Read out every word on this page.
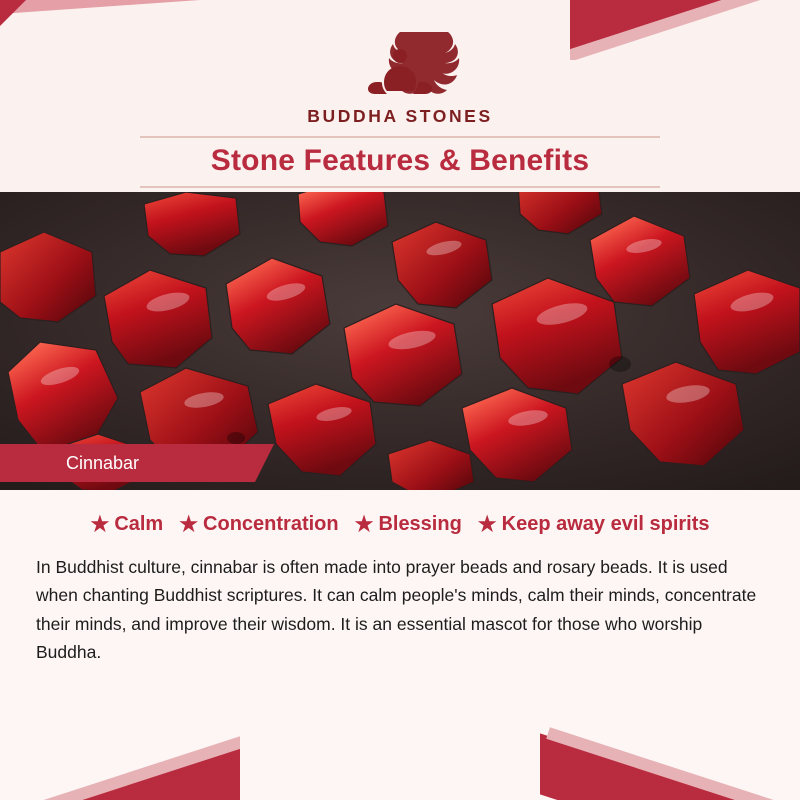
BUDDHA STONES
Stone Features & Benefits
Cinnabar
★ Calm ★ Concentration ★ Blessing ★ Keep away evil spirits

In Buddhist culture, cinnabar is often made into prayer beads and rosary beads. It is used when chanting Buddhist scriptures. It can calm people's minds, calm their minds, concentrate their minds, and improve their wisdom. It is an essential mascot for those who worship Buddha.
